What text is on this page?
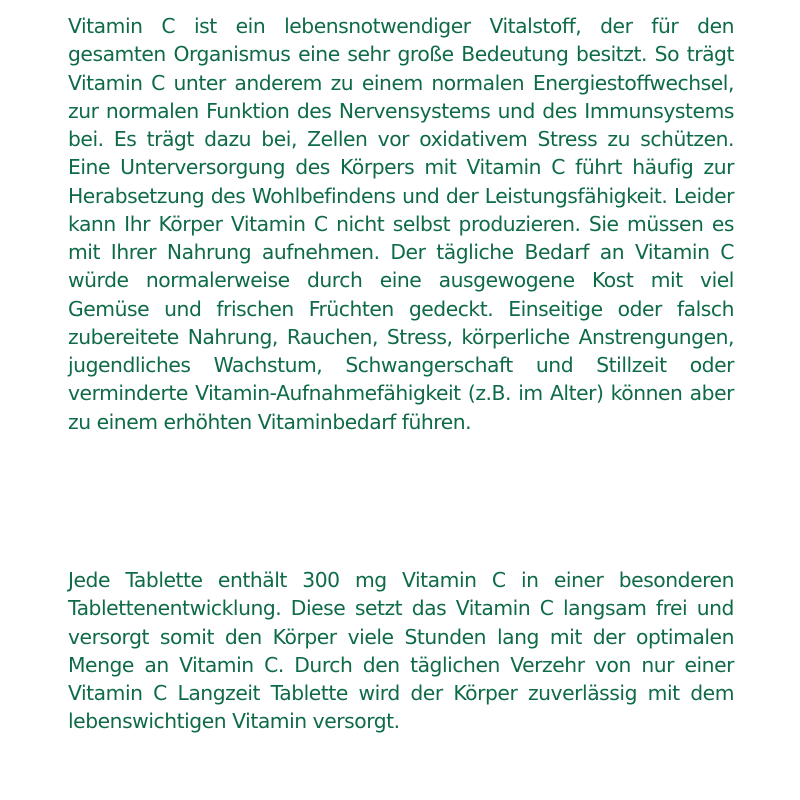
Vitamin C ist ein lebensnotwendiger Vitalstoff, der für den gesamten Organismus eine sehr große Bedeutung besitzt. So trägt Vitamin C unter anderem zu einem normalen Energiestoffwechsel, zur normalen Funktion des Nervensystems und des Immunsystems bei. Es trägt dazu bei, Zellen vor oxidativem Stress zu schützen. Eine Unterversorgung des Körpers mit Vitamin C führt häufig zur Herabsetzung des Wohlbefindens und der Leistungsfähigkeit. Leider kann Ihr Körper Vitamin C nicht selbst produzieren. Sie müssen es mit Ihrer Nahrung aufnehmen. Der tägliche Bedarf an Vitamin C würde normalerweise durch eine ausgewogene Kost mit viel Gemüse und frischen Früchten gedeckt. Einseitige oder falsch zubereitete Nahrung, Rauchen, Stress, körperliche Anstrengungen, jugendliches Wachstum, Schwangerschaft und Stillzeit oder verminderte Vitamin-Aufnahmefähigkeit (z.B. im Alter) können aber zu einem erhöhten Vitaminbedarf führen.

Jede Tablette enthält 300 mg Vitamin C in einer besonderen Tablettenentwicklung. Diese setzt das Vitamin C langsam frei und versorgt somit den Körper viele Stunden lang mit der optimalen Menge an Vitamin C. Durch den täglichen Verzehr von nur einer Vitamin C Langzeit Tablette wird der Körper zuverlässig mit dem lebenswichtigen Vitamin versorgt.
